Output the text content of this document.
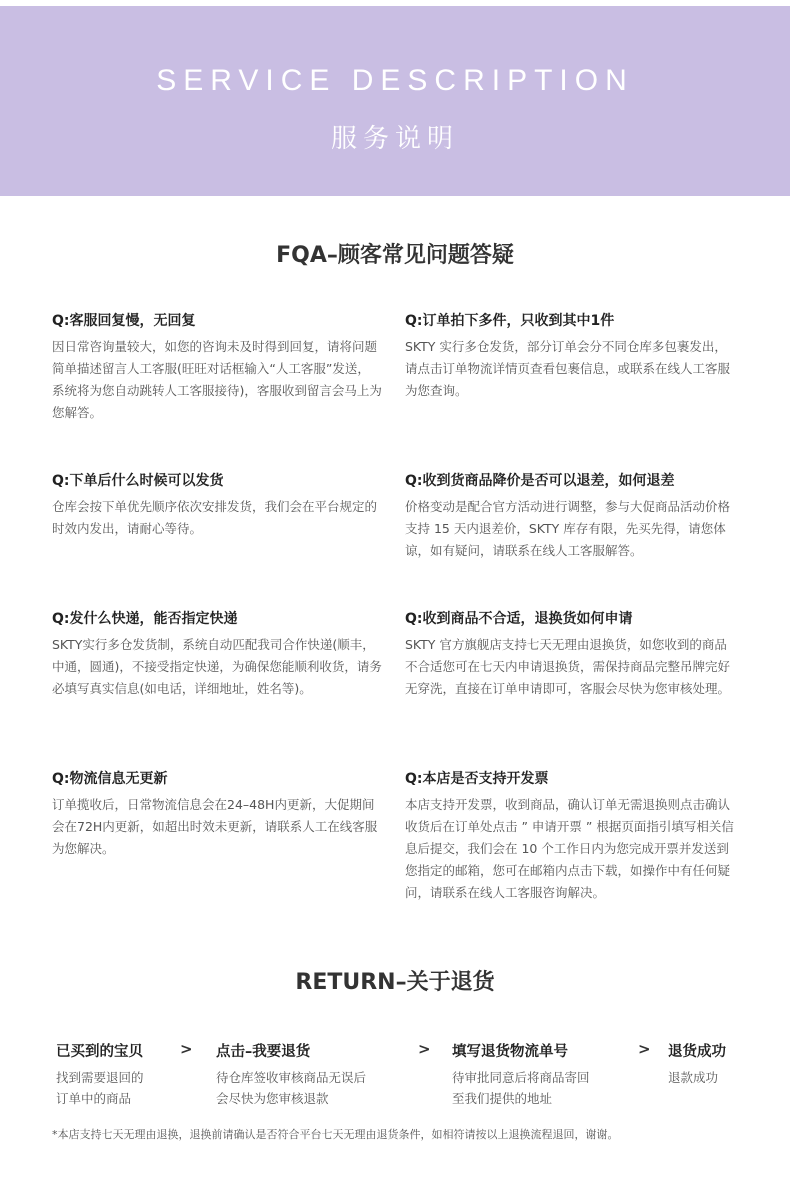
SERVICE DESCRIPTION
服务说明
FQA–顾客常见问题答疑
Q:客服回复慢，无回复
因日常咨询量较大，如您的咨询未及时得到回复，请将问题简单描述留言人工客服(旺旺对话框输入“人工客服”发送，系统将为您自动跳转人工客服接待)，客服收到留言会马上为您解答。
Q:订单拍下多件，只收到其中1件
SKTY 实行多仓发货，部分订单会分不同仓库多包裹发出，请点击订单物流详情页查看包裹信息，或联系在线人工客服为您查询。
Q:下单后什么时候可以发货
仓库会按下单优先顺序依次安排发货，我们会在平台规定的时效内发出，请耐心等待。
Q:收到货商品降价是否可以退差，如何退差
价格变动是配合官方活动进行调整，参与大促商品活动价格支持 15 天内退差价，SKTY 库存有限，先买先得，请您体谅，如有疑问，请联系在线人工客服解答。
Q:发什么快递，能否指定快递
SKTY实行多仓发货制，系统自动匹配我司合作快递(顺丰，中通，圆通)，不接受指定快递，为确保您能顺利收货，请务必填写真实信息(如电话，详细地址，姓名等)。
Q:收到商品不合适，退换货如何申请
SKTY 官方旗舰店支持七天无理由退换货，如您收到的商品不合适您可在七天内申请退换货，需保持商品完整吊牌完好无穿洗，直接在订单申请即可，客服会尽快为您审核处理。
Q:物流信息无更新
订单揽收后，日常物流信息会在24–48H内更新，大促期间会在72H内更新，如超出时效未更新，请联系人工在线客服为您解决。
Q:本店是否支持开发票
本店支持开发票，收到商品，确认订单无需退换则点击确认收货后在订单处点击 ” 申请开票 ” 根据页面指引填写相关信息后提交，我们会在 10 个工作日内为您完成开票并发送到您指定的邮箱，您可在邮箱内点击下载，如操作中有任何疑问，请联系在线人工客服咨询解决。
RETURN–关于退货
已买到的宝贝 > 点击–我要退货	> 填写退货物流单号	> 退货成功
找到需要退回的
订单中的商品
待仓库签收审核商品无误后
会尽快为您审核退款
待审批同意后将商品寄回
至我们提供的地址
退款成功
*本店支持七天无理由退换，退换前请确认是否符合平台七天无理由退货条件，如相符请按以上退换流程退回，谢谢。
